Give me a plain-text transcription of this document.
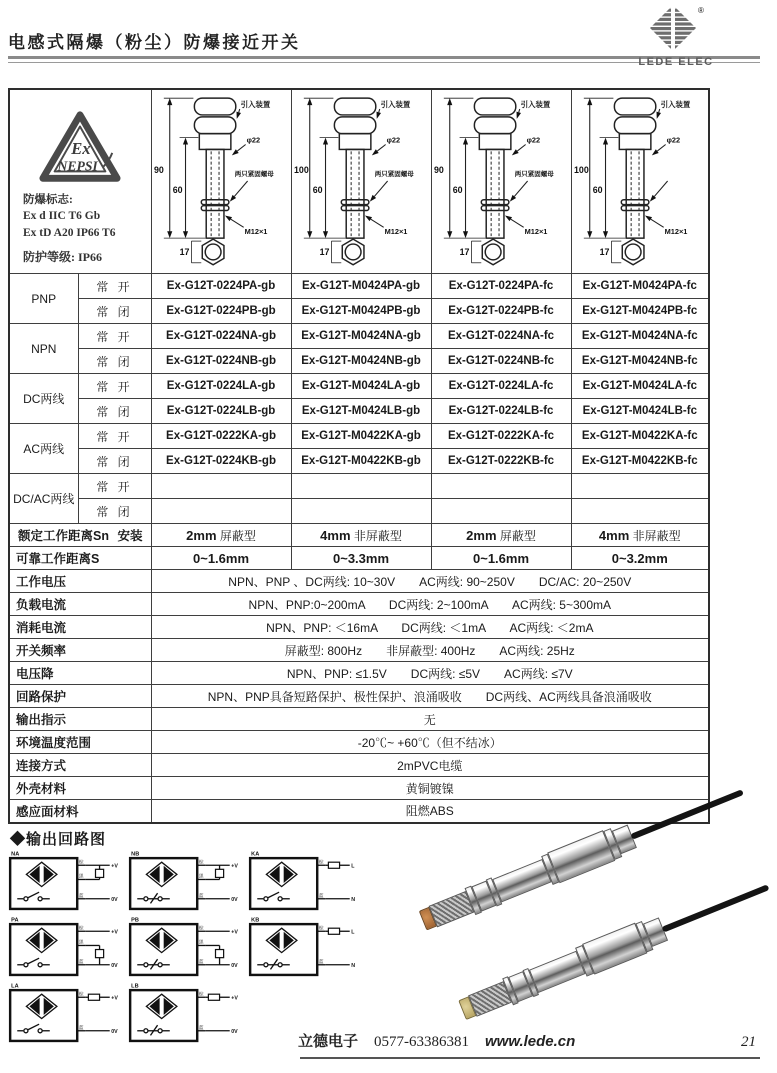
电感式隔爆（粉尘）防爆接近开关
®
LEDE ELEC
Ex
NEPSI
防爆标志:
Ex d IIC T6 Gb
Ex tD A20 IP66 T6
防护等级: IP66	17
90
60
引入装置
φ22
两只紧固螺母
M12×1

17
100
60
引入装置
φ22
两只紧固螺母
M12×1

17
90
60
引入装置
φ22
两只紧固螺母
M12×1

17
100
60
引入装置
φ22
M12×1

PNP	常 开	Ex-G12T-0224PA-gb	Ex-G12T-M0424PA-gb	Ex-G12T-0224PA-fc	Ex-G12T-M0424PA-fc
	常 闭	Ex-G12T-0224PB-gb	Ex-G12T-M0424PB-gb	Ex-G12T-0224PB-fc	Ex-G12T-M0424PB-fc
NPN	常 开	Ex-G12T-0224NA-gb	Ex-G12T-M0424NA-gb	Ex-G12T-0224NA-fc	Ex-G12T-M0424NA-fc
	常 闭	Ex-G12T-0224NB-gb	Ex-G12T-M0424NB-gb	Ex-G12T-0224NB-fc	Ex-G12T-M0424NB-fc
DC两线	常 开	Ex-G12T-0224LA-gb	Ex-G12T-M0424LA-gb	Ex-G12T-0224LA-fc	Ex-G12T-M0424LA-fc
	常 闭	Ex-G12T-0224LB-gb	Ex-G12T-M0424LB-gb	Ex-G12T-0224LB-fc	Ex-G12T-M0424LB-fc
AC两线	常 开	Ex-G12T-0222KA-gb	Ex-G12T-M0422KA-gb	Ex-G12T-0222KA-fc	Ex-G12T-M0422KA-fc
	常 闭	Ex-G12T-0224KB-gb	Ex-G12T-M0422KB-gb	Ex-G12T-0222KB-fc	Ex-G12T-M0422KB-fc
DC/AC两线	常 开				
	常 闭				

额定工作距离Sn 安装		2mm 屏蔽型	4mm 非屏蔽型	2mm 屏蔽型	4mm 非屏蔽型
可靠工作距离S		0~1.6mm	0~3.3mm	0~1.6mm	0~3.2mm
工作电压		NPN、PNP 、DC两线: 10~30V　　AC两线: 90~250V　　DC/AC: 20~250V			
负载电流		NPN、PNP:0~200mA　　DC两线: 2~100mA　　AC两线: 5~300mA			
消耗电流		NPN、PNP: ＜16mA　　DC两线: ＜1mA　　AC两线: ＜2mA			
开关频率		屏蔽型: 800Hz　　非屏蔽型: 400Hz　　AC两线: 25Hz			
电压降		NPN、PNP: ≤1.5V　　DC两线: ≤5V　　AC两线: ≤7V			
回路保护		NPN、PNP具备短路保护、极性保护、浪涌吸收　　DC两线、AC两线具备浪涌吸收			
输出指示		无			
环境温度范围		-20℃~ +60℃（但不结冰）			
连接方式		2mPVC电缆			
外壳材料		黄铜镀镍			
感应面材料		阻燃ABS			
◆输出回路图
NA
棕
+V
黑
蓝
0V
NB
棕
+V
黑
蓝
0V
KA
棕
L
蓝
N
PA
棕
+V
黑
蓝
0V
PB
棕
+V
黑
蓝
0V
KB
棕
L
蓝
N
LA
棕
+V
蓝
0V
LB
棕
+V
蓝
0V
立德电子 0577-63386381 www.lede.cn	21
